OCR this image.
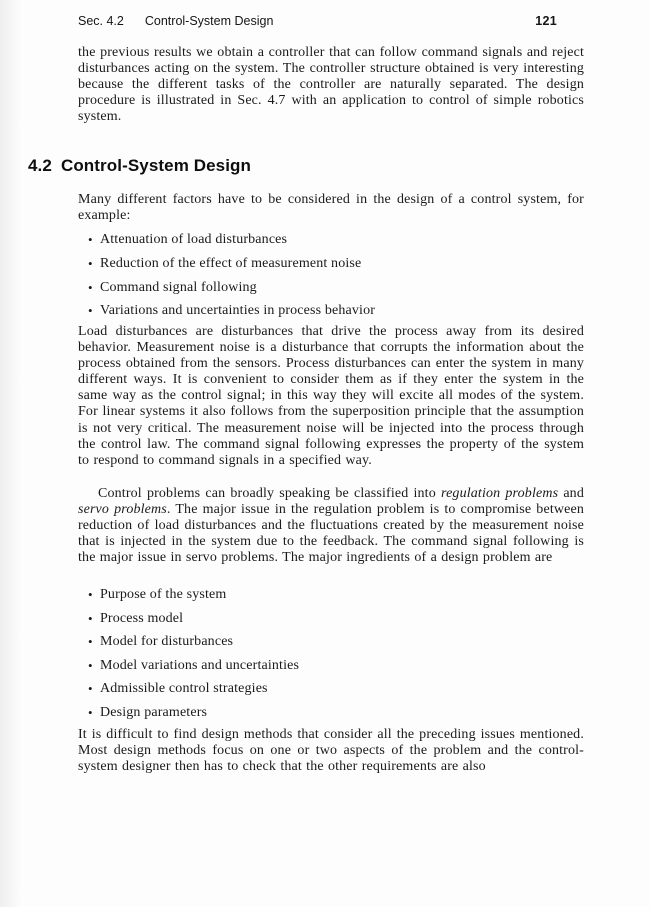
Sec. 4.2 Control-System Design	121

the previous results we obtain a controller that can follow command signals and reject disturbances acting on the system. The controller structure obtained is very interesting because the different tasks of the controller are naturally separated. The design procedure is illustrated in Sec. 4.7 with an application to control of simple robotics system.

4.2 Control-System Design

Many different factors have to be considered in the design of a control system, for example:

• Attenuation of load disturbances
• Reduction of the effect of measurement noise
• Command signal following
• Variations and uncertainties in process behavior

Load disturbances are disturbances that drive the process away from its desired behavior. Measurement noise is a disturbance that corrupts the information about the process obtained from the sensors. Process disturbances can enter the system in many different ways. It is convenient to consider them as if they enter the system in the same way as the control signal; in this way they will excite all modes of the system. For linear systems it also follows from the superposition principle that the assumption is not very critical. The measurement noise will be injected into the process through the control law. The command signal following expresses the property of the system to respond to command signals in a specified way.

Control problems can broadly speaking be classified into regulation problems and servo problems. The major issue in the regulation problem is to compromise between reduction of load disturbances and the fluctuations created by the measurement noise that is injected in the system due to the feedback. The command signal following is the major issue in servo problems. The major ingredients of a design problem are

• Purpose of the system
• Process model
• Model for disturbances
• Model variations and uncertainties
• Admissible control strategies
• Design parameters

It is difficult to find design methods that consider all the preceding issues mentioned. Most design methods focus on one or two aspects of the problem and the control-system designer then has to check that the other requirements are also
